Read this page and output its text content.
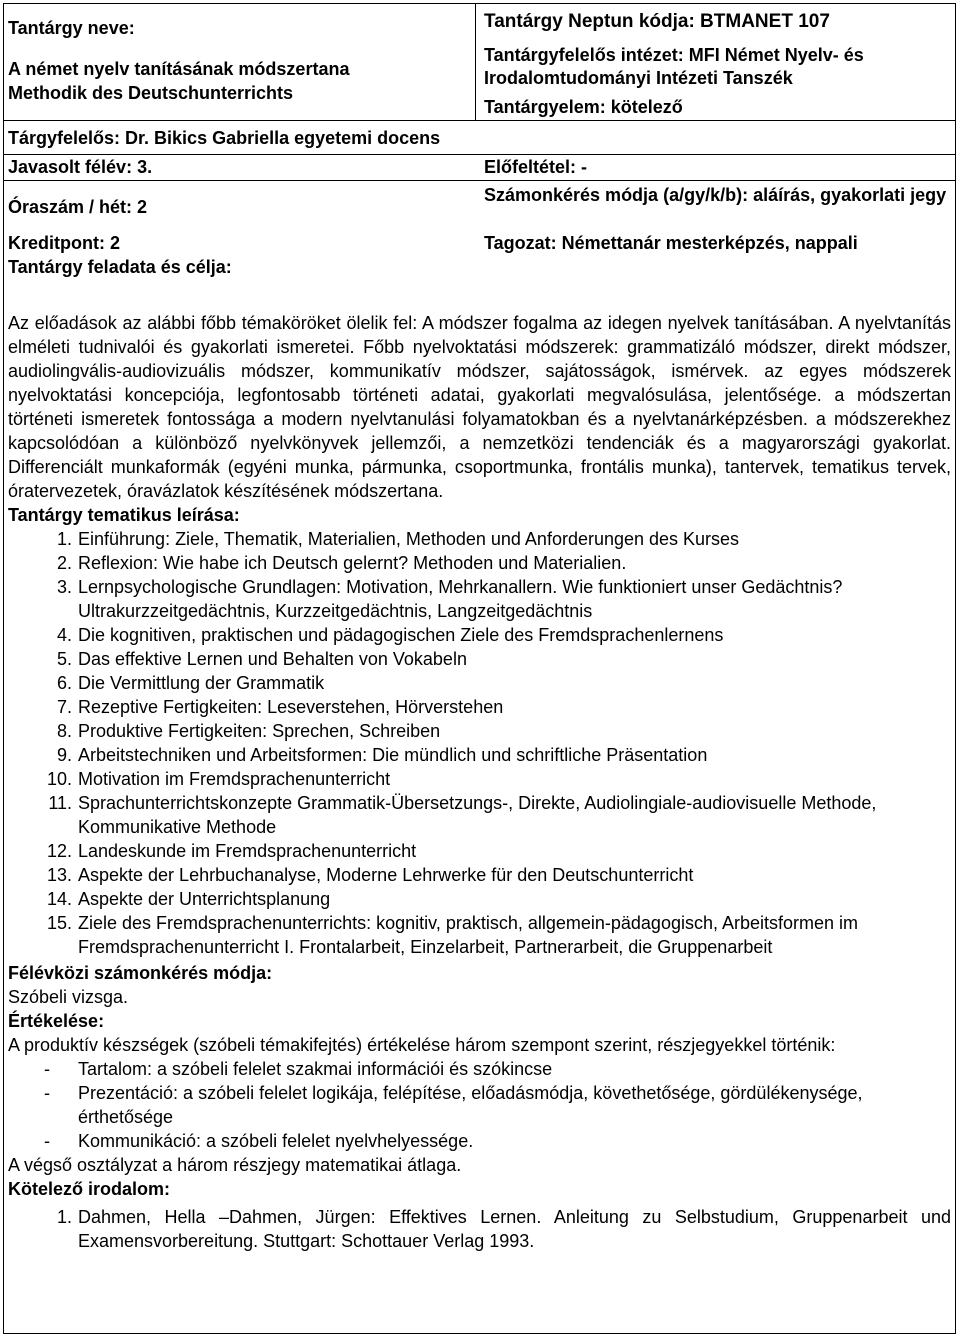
Tantárgy neve:
A német nyelv tanításának módszertana
Methodik des Deutschunterrichts
Tantárgy Neptun kódja: BTMANET 107
Tantárgyfelelős intézet: MFI Német Nyelv- és Irodalomtudományi Intézeti Tanszék
Tantárgyelem: kötelező
Tárgyfelelős: Dr. Bikics Gabriella egyetemi docens
Javasolt félév: 3.	Előfeltétel: -
Óraszám / hét: 2
Számonkérés módja (a/gy/k/b): aláírás, gyakorlati jegy
Kreditpont: 2	Tagozat: Némettanár mesterképzés, nappali
Tantárgy feladata és célja:
Az előadások az alábbi főbb témaköröket ölelik fel: A módszer fogalma az idegen nyelvek tanításában. A nyelvtanítás elméleti tudnivalói és gyakorlati ismeretei. Főbb nyelvoktatási módszerek: grammatizáló módszer, direkt módszer, audiolingvális-audiovizuális módszer, kommunikatív módszer, sajátosságok, ismérvek. az egyes módszerek nyelvoktatási koncepciója, legfontosabb történeti adatai, gyakorlati megvalósulása, jelentősége. a módszertan történeti ismeretek fontossága a modern nyelvtanulási folyamatokban és a nyelvtanárképzésben. a módszerekhez kapcsolódóan a különböző nyelvkönyvek jellemzői, a nemzetközi tendenciák és a magyarországi gyakorlat. Differenciált munkaformák (egyéni munka, pármunka, csoportmunka, frontális munka), tantervek, tematikus tervek, óratervezetek, óravázlatok készítésének módszertana.
Tantárgy tematikus leírása:
1. Einführung: Ziele, Thematik, Materialien, Methoden und Anforderungen des Kurses
2. Reflexion: Wie habe ich Deutsch gelernt? Methoden und Materialien.
3. Lernpsychologische Grundlagen: Motivation, Mehrkanallern. Wie funktioniert unser Gedächtnis? Ultrakurzzeitgedächtnis, Kurzzeitgedächtnis, Langzeitgedächtnis
4. Die kognitiven, praktischen und pädagogischen Ziele des Fremdsprachenlernens
5. Das effektive Lernen und Behalten von Vokabeln
6. Die Vermittlung der Grammatik
7. Rezeptive Fertigkeiten: Leseverstehen, Hörverstehen
8. Produktive Fertigkeiten: Sprechen, Schreiben
9. Arbeitstechniken und Arbeitsformen: Die mündlich und schriftliche Präsentation
10. Motivation im Fremdsprachenunterricht
11. Sprachunterrichtskonzepte Grammatik-Übersetzungs-, Direkte, Audiolingiale-audiovisuelle Methode, Kommunikative Methode
12. Landeskunde im Fremdsprachenunterricht
13. Aspekte der Lehrbuchanalyse, Moderne Lehrwerke für den Deutschunterricht
14. Aspekte der Unterrichtsplanung
15. Ziele des Fremdsprachenunterrichts: kognitiv, praktisch, allgemein-pädagogisch, Arbeitsformen im Fremdsprachenunterricht I. Frontalarbeit, Einzelarbeit, Partnerarbeit, die Gruppenarbeit
Félévközi számonkérés módja:
Szóbeli vizsga.
Értékelése:
A produktív készségek (szóbeli témakifejtés) értékelése három szempont szerint, részjegyekkel történik:
-	Tartalom: a szóbeli felelet szakmai információi és szókincse
-	Prezentáció: a szóbeli felelet logikája, felépítése, előadásmódja, követhetősége, gördülékenysége, érthetősége
-	Kommunikáció: a szóbeli felelet nyelvhelyessége.
A végső osztályzat a három részjegy matematikai átlaga.
Kötelező irodalom:
1. Dahmen, Hella –Dahmen, Jürgen: Effektives Lernen. Anleitung zu Selbstudium, Gruppenarbeit und Examensvorbereitung. Stuttgart: Schottauer Verlag 1993.
